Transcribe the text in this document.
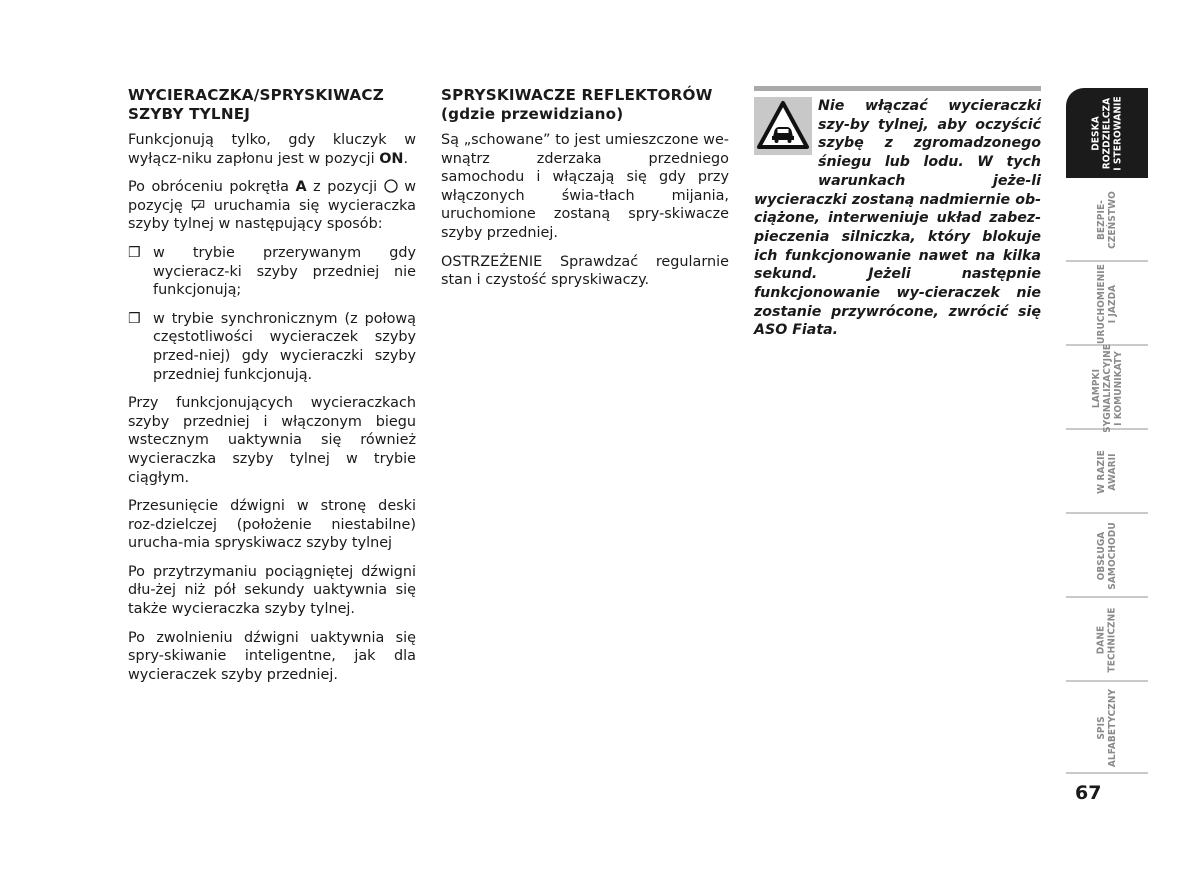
WYCIERACZKA/SPRYSKIWACZ SZYBY TYLNEJ
Funkcjonują tylko, gdy kluczyk w wyłącz-niku zapłonu jest w pozycji ON.
Po obróceniu pokrętła A z pozycji  w pozycję  uruchamia się wycieraczka szyby tylnej w następujący sposób:
❒ w trybie przerywanym gdy wycieracz-ki szyby przedniej nie funkcjonują;
❒ w trybie synchronicznym (z połową częstotliwości wycieraczek szyby przed-niej) gdy wycieraczki szyby przedniej funkcjonują.
Przy funkcjonujących wycieraczkach szyby przedniej i włączonym biegu wstecznym uaktywnia się również wycieraczka szyby tylnej w trybie ciągłym.
Przesunięcie dźwigni w stronę deski roz-dzielczej (położenie niestabilne) urucha-mia spryskiwacz szyby tylnej
Po przytrzymaniu pociągniętej dźwigni dłu-żej niż pół sekundy uaktywnia się także wycieraczka szyby tylnej.
Po zwolnieniu dźwigni uaktywnia się spry-skiwanie inteligentne, jak dla wycieraczek szyby przedniej.
SPRYSKIWACZE REFLEKTORÓW
(gdzie przewidziano)
Są „schowane” to jest umieszczone we-wnątrz zderzaka przedniego samochodu i włączają się gdy przy włączonych świa-tłach mijania, uruchomione zostaną spry-skiwacze szyby przedniej.
OSTRZEŻENIE Sprawdzać regularnie stan i czystość spryskiwaczy.
Nie włączać wycieraczki szy-by tylnej, aby oczyścić szybę z zgromadzonego śniegu lub lodu. W tych warunkach jeże-li wycieraczki zostaną nadmiernie ob-ciążone, interweniuje układ zabez-pieczenia silniczka, który blokuje ich funkcjonowanie nawet na kilka sekund. Jeżeli następnie funkcjonowanie wy-cieraczek nie zostanie przywrócone, zwrócić się ASO Fiata.
DESKA
ROZDZIELCZA
I STEROWANIE
BEZPIE-
CZEŃSTWO
URUCHOMIENIE
I JAZDA
LAMPKI
SYGNALIZACYJNE
I KOMUNIKATY
W RAZIE
AWARII
OBSŁUGA
SAMOCHODU
DANE
TECHNICZNE
SPIS
ALFABETYCZNY
67
